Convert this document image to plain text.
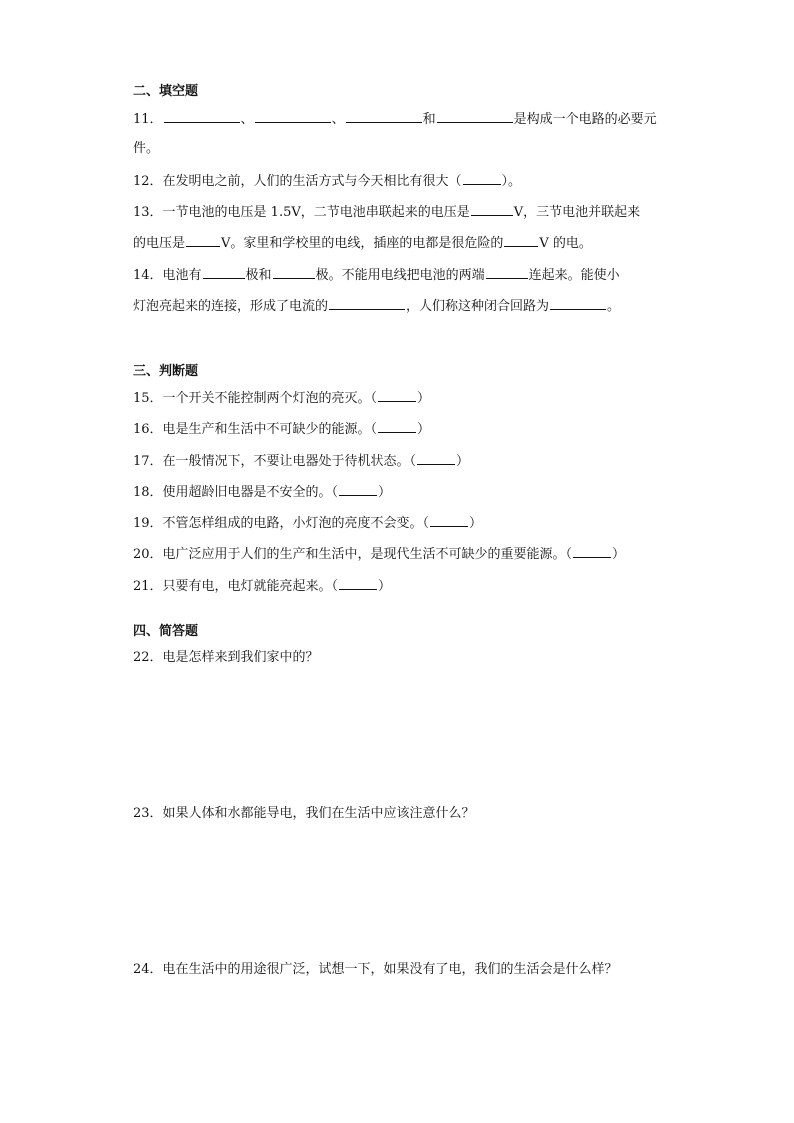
二、填空题
11．	、	、	和	是构成一个电路的必要元
件。
12．在发明电之前，人们的生活方式与今天相比有很大（	）。
13．一节电池的电压是 1.5V，二节电池串联起来的电压是	V，三节电池并联起来
的电压是	V。家里和学校里的电线，插座的电都是很危险的	V 的电。
14．电池有	极和	极。不能用电线把电池的两端	连起来。能使小
灯泡亮起来的连接，形成了电流的	，人们称这种闭合回路为	。
三、判断题
15．一个开关不能控制两个灯泡的亮灭。（	）
16．电是生产和生活中不可缺少的能源。（	）
17．在一般情况下，不要让电器处于待机状态。（	）
18．使用超龄旧电器是不安全的。（	）
19．不管怎样组成的电路，小灯泡的亮度不会变。（	）
20．电广泛应用于人们的生产和生活中，是现代生活不可缺少的重要能源。（	）
21．只要有电，电灯就能亮起来。（	）
四、简答题
22．电是怎样来到我们家中的？
23．如果人体和水都能导电，我们在生活中应该注意什么？
24．电在生活中的用途很广泛，试想一下，如果没有了电，我们的生活会是什么样？
